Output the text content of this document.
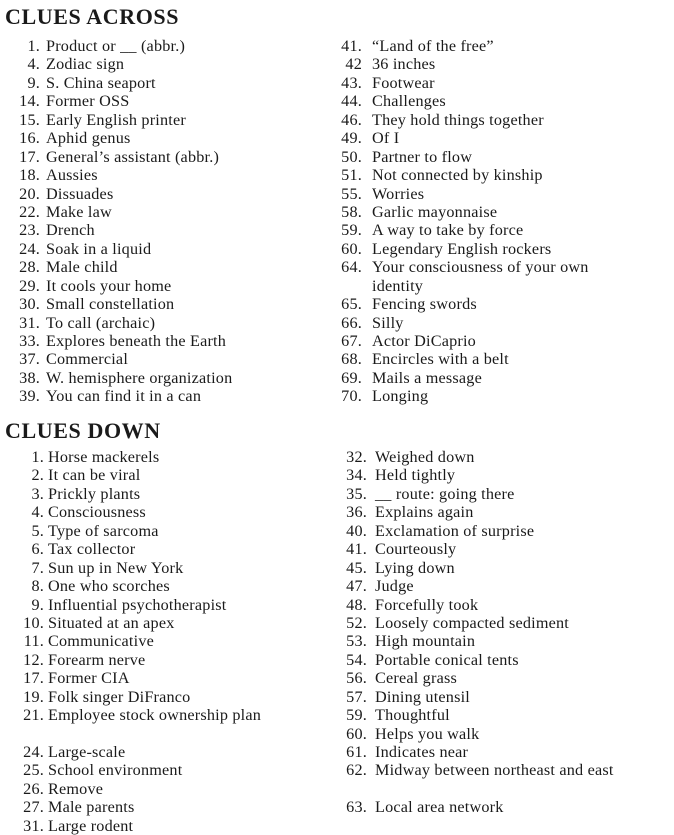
CLUES ACROSS
1. Product or __ (abbr.)
4. Zodiac sign
9. S. China seaport
14. Former OSS
15. Early English printer
16. Aphid genus
17. General’s assistant (abbr.)
18. Aussies
20. Dissuades
22. Make law
23. Drench
24. Soak in a liquid
28. Male child
29. It cools your home
30. Small constellation
31. To call (archaic)
33. Explores beneath the Earth
37. Commercial
38. W. hemisphere organization
39. You can find it in a can
41. “Land of the free”
42 36 inches
43. Footwear
44. Challenges
46. They hold things together
49. Of I
50. Partner to flow
51. Not connected by kinship
55. Worries
58. Garlic mayonnaise
59. A way to take by force
60. Legendary English rockers
64. Your consciousness of your own identity
65. Fencing swords
66. Silly
67. Actor DiCaprio
68. Encircles with a belt
69. Mails a message
70. Longing
CLUES DOWN
1. Horse mackerels
2. It can be viral
3. Prickly plants
4. Consciousness
5. Type of sarcoma
6. Tax collector
7. Sun up in New York
8. One who scorches
9. Influential psychotherapist
10. Situated at an apex
11. Communicative
12. Forearm nerve
17. Former CIA
19. Folk singer DiFranco
21. Employee stock ownership plan
24. Large-scale
25. School environment
26. Remove
27. Male parents
31. Large rodent
32. Weighed down
34. Held tightly
35. __ route: going there
36. Explains again
40. Exclamation of surprise
41. Courteously
45. Lying down
47. Judge
48. Forcefully took
52. Loosely compacted sediment
53. High mountain
54. Portable conical tents
56. Cereal grass
57. Dining utensil
59. Thoughtful
60. Helps you walk
61. Indicates near
62. Midway between northeast and east
63. Local area network
